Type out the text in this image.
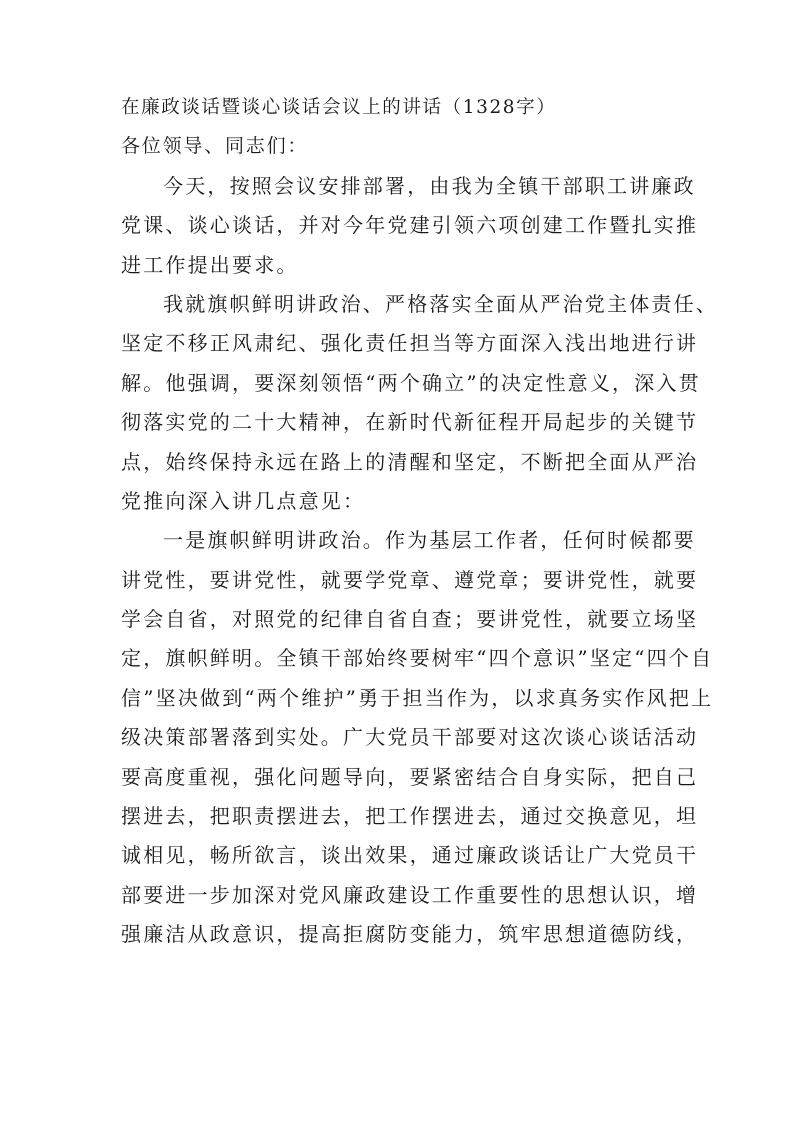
在廉政谈话暨谈心谈话会议上的讲话（1328字）
各位领导、同志们：
今天，按照会议安排部署，由我为全镇干部职工讲廉政
党课、谈心谈话，并对今年党建引领六项创建工作暨扎实推
进工作提出要求。
我就旗帜鲜明讲政治、严格落实全面从严治党主体责任、
坚定不移正风肃纪、强化责任担当等方面深入浅出地进行讲
解。他强调，要深刻领悟“两个确立”的决定性意义，深入贯
彻落实党的二十大精神，在新时代新征程开局起步的关键节
点，始终保持永远在路上的清醒和坚定，不断把全面从严治
党推向深入讲几点意见：
一是旗帜鲜明讲政治。作为基层工作者，任何时候都要
讲党性，要讲党性，就要学党章、遵党章；要讲党性，就要
学会自省，对照党的纪律自省自查；要讲党性，就要立场坚
定，旗帜鲜明。全镇干部始终要树牢“四个意识”坚定“四个自
信”坚决做到“两个维护”勇于担当作为，以求真务实作风把上
级决策部署落到实处。广大党员干部要对这次谈心谈话活动
要高度重视，强化问题导向，要紧密结合自身实际，把自己
摆进去，把职责摆进去，把工作摆进去，通过交换意见，坦
诚相见，畅所欲言，谈出效果，通过廉政谈话让广大党员干
部要进一步加深对党风廉政建设工作重要性的思想认识，增
强廉洁从政意识，提高拒腐防变能力，筑牢思想道德防线，
